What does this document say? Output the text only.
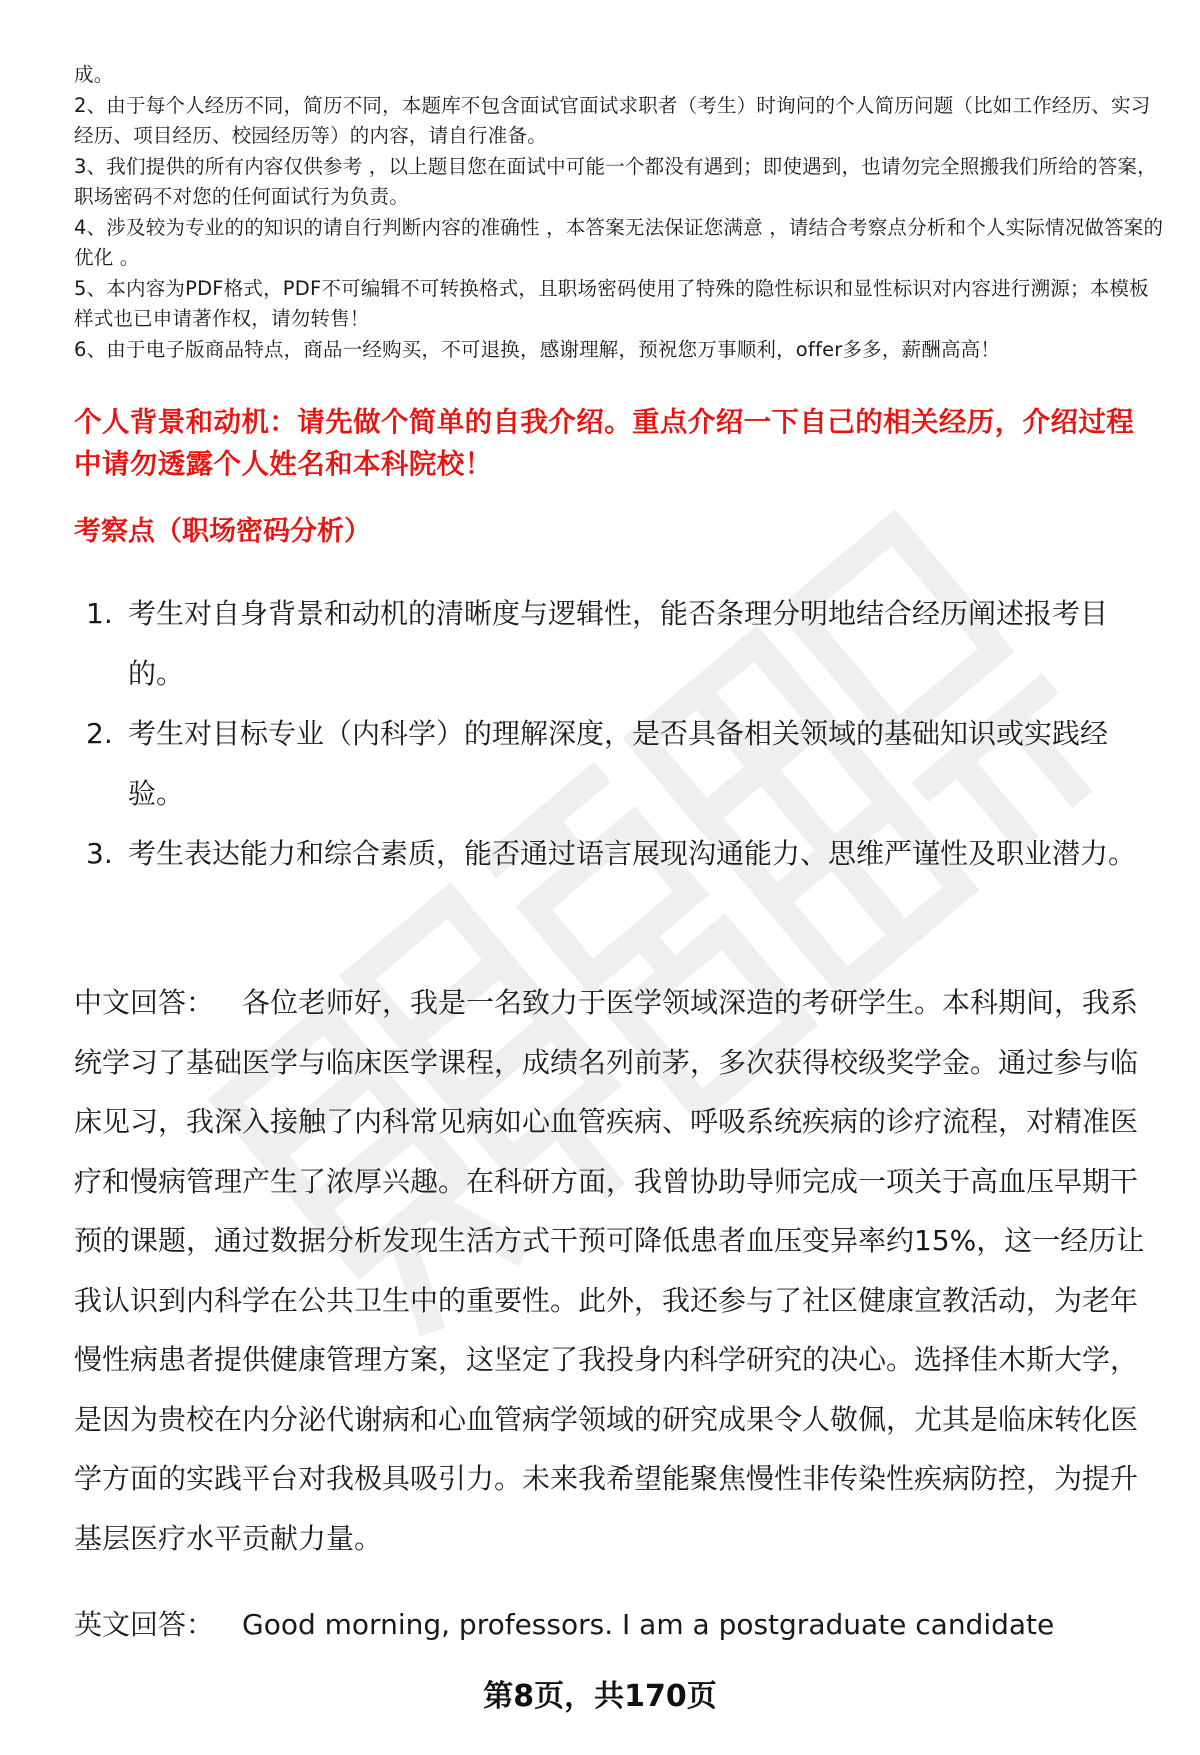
成。

2、由于每个人经历不同，简历不同，本题库不包含面试官面试求职者（考生）时询问的个人简历问题（比如工作经历、实习经历、项目经历、校园经历等）的内容，请自行准备。

3、我们提供的所有内容仅供参考 ，以上题目您在面试中可能一个都没有遇到；即使遇到，也请勿完全照搬我们所给的答案，职场密码不对您的任何面试行为负责。

4、涉及较为专业的的知识的请自行判断内容的准确性 ，本答案无法保证您满意 ，请结合考察点分析和个人实际情况做答案的优化 。

5、本内容为PDF格式，PDF不可编辑不可转换格式，且职场密码使用了特殊的隐性标识和显性标识对内容进行溯源；本模板样式也已申请著作权，请勿转售！

6、由于电子版商品特点，商品一经购买，不可退换，感谢理解，预祝您万事顺利，offer多多，薪酬高高！

个人背景和动机：请先做个简单的自我介绍。重点介绍一下自己的相关经历，介绍过程中请勿透露个人姓名和本科院校！
考察点（职场密码分析）
1. 考生对自身背景和动机的清晰度与逻辑性，能否条理分明地结合经历阐述报考目的。
2. 考生对目标专业（内科学）的理解深度，是否具备相关领域的基础知识或实践经验。
3. 考生表达能力和综合素质，能否通过语言展现沟通能力、思维严谨性及职业潜力。

中文回答： 各位老师好，我是一名致力于医学领域深造的考研学生。本科期间，我系统学习了基础医学与临床医学课程，成绩名列前茅，多次获得校级奖学金。通过参与临床见习，我深入接触了内科常见病如心血管疾病、呼吸系统疾病的诊疗流程，对精准医疗和慢病管理产生了浓厚兴趣。在科研方面，我曾协助导师完成一项关于高血压早期干预的课题，通过数据分析发现生活方式干预可降低患者血压变异率约15%，这一经历让我认识到内科学在公共卫生中的重要性。此外，我还参与了社区健康宣教活动，为老年慢性病患者提供健康管理方案，这坚定了我投身内科学研究的决心。选择佳木斯大学，是因为贵校在内分泌代谢病和心血管病学领域的研究成果令人敬佩，尤其是临床转化医学方面的实践平台对我极具吸引力。未来我希望能聚焦慢性非传染性疾病防控，为提升基层医疗水平贡献力量。

英文回答： Good morning, professors. I am a postgraduate candidate

第8页，共170页
